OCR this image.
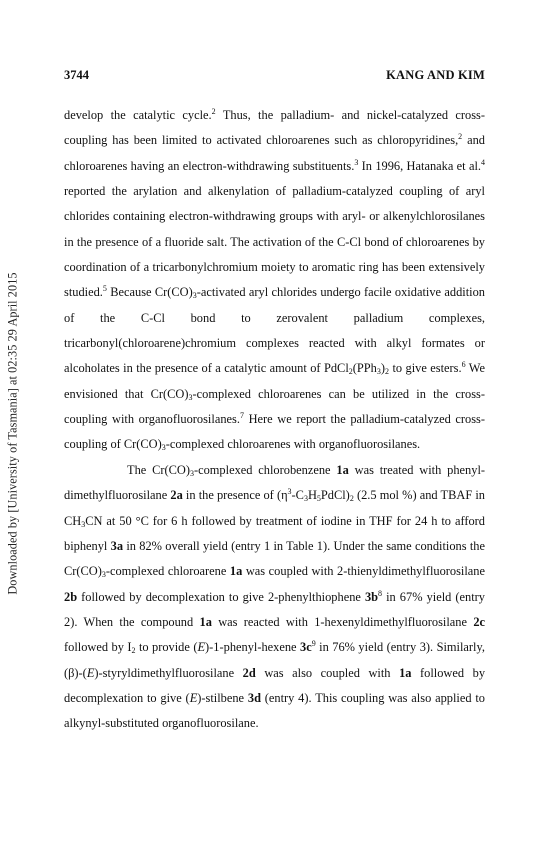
Downloaded by [University of Tasmania] at 02:35 29 April 2015
3744	KANG AND KIM

develop the catalytic cycle.$^2$ Thus, the palladium- and nickel-catalyzed cross-coupling has been limited to activated chloroarenes such as chloropyridines,$^2$ and chloroarenes having an electron-withdrawing substituents.$^3$ In 1996, Hatanaka et al.$^4$ reported the arylation and alkenylation of palladium-catalyzed coupling of aryl chlorides containing electron-withdrawing groups with aryl- or alkenylchlorosilanes in the presence of a fluoride salt. The activation of the C-Cl bond of chloroarenes by coordination of a tricarbonylchromium moiety to aromatic ring has been extensively studied.$^5$ Because $Cr(CO)_3$-activated aryl chlorides undergo facile oxidative addition of the C-Cl bond to zerovalent palladium complexes, tricarbonyl(chloroarene)chromium complexes reacted with alkyl formates or alcoholates in the presence of a catalytic amount of $PdCl_2(PPh_3)_2$ to give esters.$^6$ We envisioned that $Cr(CO)_3$-complexed chloroarenes can be utilized in the cross-coupling with organofluorosilanes.$^7$ Here we report the palladium-catalyzed cross-coupling of $Cr(CO)_3$-complexed chloroarenes with organofluorosilanes.

The $Cr(CO)_3$-complexed chlorobenzene 1a was treated with phenyl-dimethylfluorosilane 2a in the presence of $(\eta^3-C_3H_5PdCl)_2$ (2.5 mol %) and TBAF in $CH_3CN$ at 50 °C for 6 h followed by treatment of iodine in THF for 24 h to afford biphenyl 3a in 82% overall yield (entry 1 in Table 1). Under the same conditions the $Cr(CO)_3$-complexed chloroarene 1a was coupled with 2-thienyldimethylfluorosilane 2b followed by decomplexation to give 2-phenylthiophene $3b^8$ in 67% yield (entry 2). When the compound 1a was reacted with 1-hexenyldimethylfluorosilane 2c followed by $I_2$ to provide (E)-1-phenyl-hexene $3c^9$ in 76% yield (entry 3). Similarly, (β)-(E)-styryldimethylfluorosilane 2d was also coupled with 1a followed by decomplexation to give (E)-stilbene 3d (entry 4). This coupling was also applied to alkynyl-substituted organofluorosilane.
